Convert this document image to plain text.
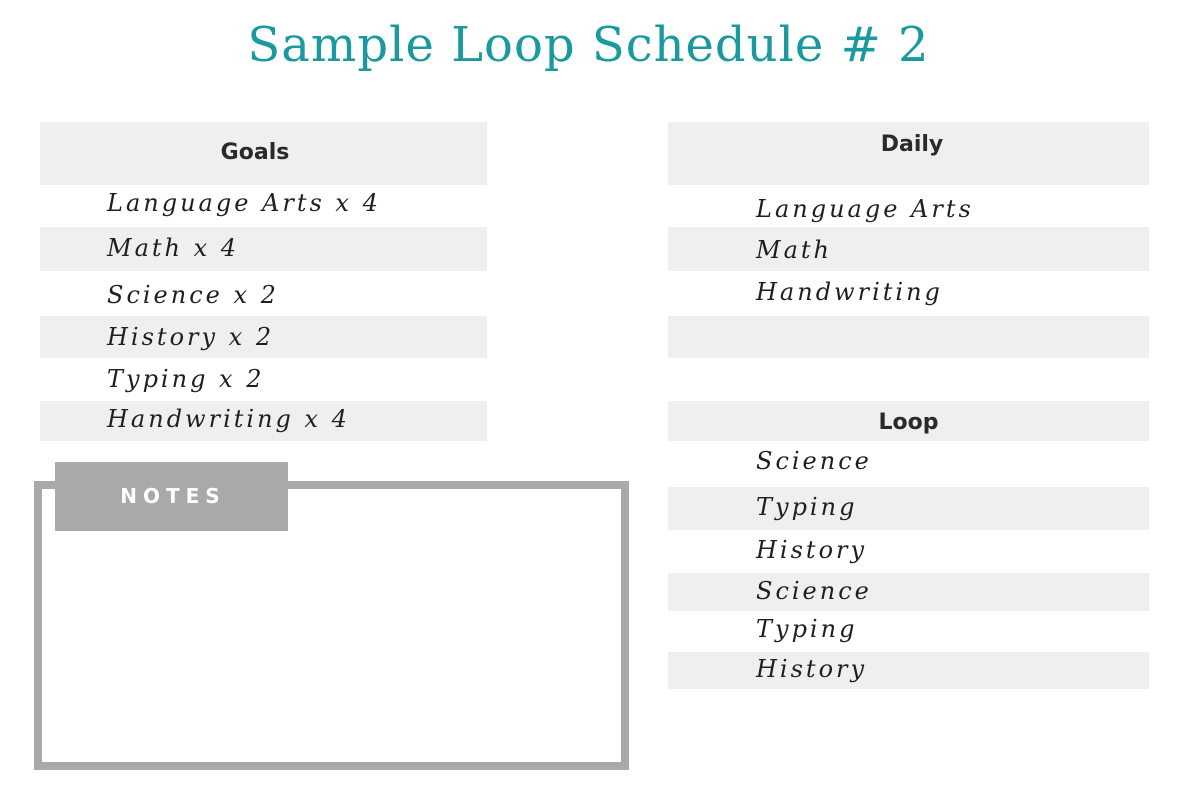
Sample Loop Schedule # 2
Goals
Language Arts x 4
Math x 4
Science x 2
History x 2
Typing x 2
Handwriting x 4
Daily
Language Arts
Math
Handwriting
Loop
Science
Typing
History
Science
Typing
History
NOTES
